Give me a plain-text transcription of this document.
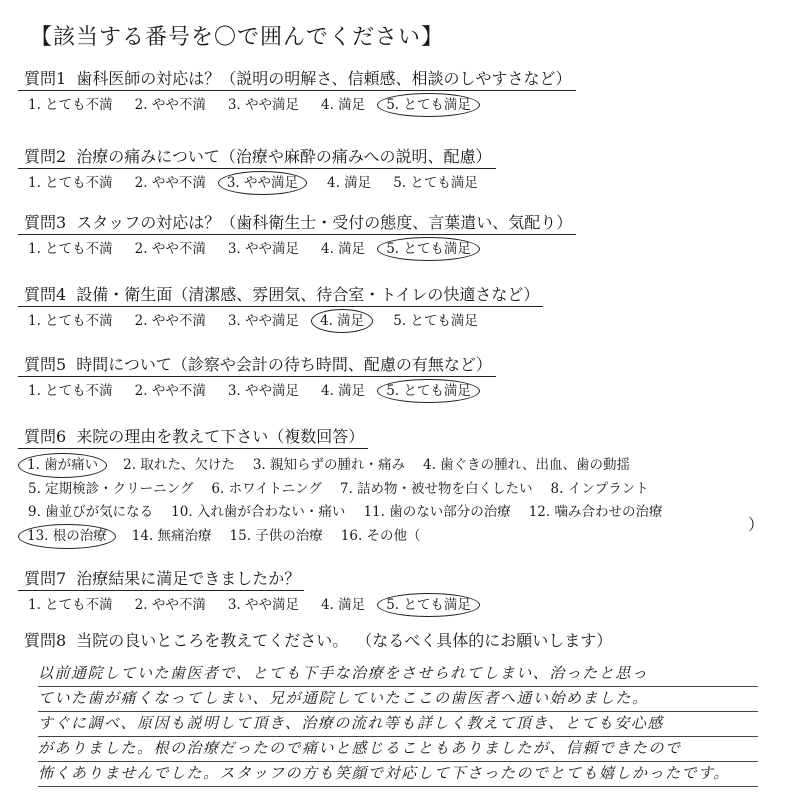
【該当する番号を〇で囲んでください】
質問1 歯科医師の対応は？（説明の明解さ、信頼感、相談のしやすさなど）
1. とても不満 2. やや不満 3. やや満足 4. 満足 5. とても満足
質問2 治療の痛みについて（治療や麻酔の痛みへの説明、配慮）
1. とても不満 2. やや不満 3. やや満足 4. 満足 5. とても満足
質問3 スタッフの対応は？（歯科衛生士・受付の態度、言葉遣い、気配り）
1. とても不満 2. やや不満 3. やや満足 4. 満足 5. とても満足
質問4 設備・衛生面（清潔感、雰囲気、待合室・トイレの快適さなど）
1. とても不満 2. やや不満 3. やや満足 4. 満足 5. とても満足
質問5 時間について（診察や会計の待ち時間、配慮の有無など）
1. とても不満 2. やや不満 3. やや満足 4. 満足 5. とても満足
質問6 来院の理由を教えて下さい（複数回答）
1. 歯が痛い 2. 取れた、欠けた 3. 親知らずの腫れ・痛み 4. 歯ぐきの腫れ、出血、歯の動揺
5. 定期検診・クリーニング 6. ホワイトニング 7. 詰め物・被せ物を白くしたい 8. インプラント
9. 歯並びが気になる 10. 入れ歯が合わない・痛い 11. 歯のない部分の治療 12. 噛み合わせの治療
13. 根の治療 14. 無痛治療 15. 子供の治療 16. その他（
）
質問7 治療結果に満足できましたか？
1. とても不満 2. やや不満 3. やや満足 4. 満足 5. とても満足
質問8 当院の良いところを教えてください。 （なるべく具体的にお願いします）
以前通院していた歯医者で、とても下手な治療をさせられてしまい、治ったと思っ
ていた歯が痛くなってしまい、兄が通院していたここの歯医者へ通い始めました。
すぐに調べ、原因も説明して頂き、治療の流れ等も詳しく教えて頂き、とても安心感
がありました。根の治療だったので痛いと感じることもありましたが、信頼できたので
怖くありませんでした。スタッフの方も笑顔で対応して下さったのでとても嬉しかったです。
